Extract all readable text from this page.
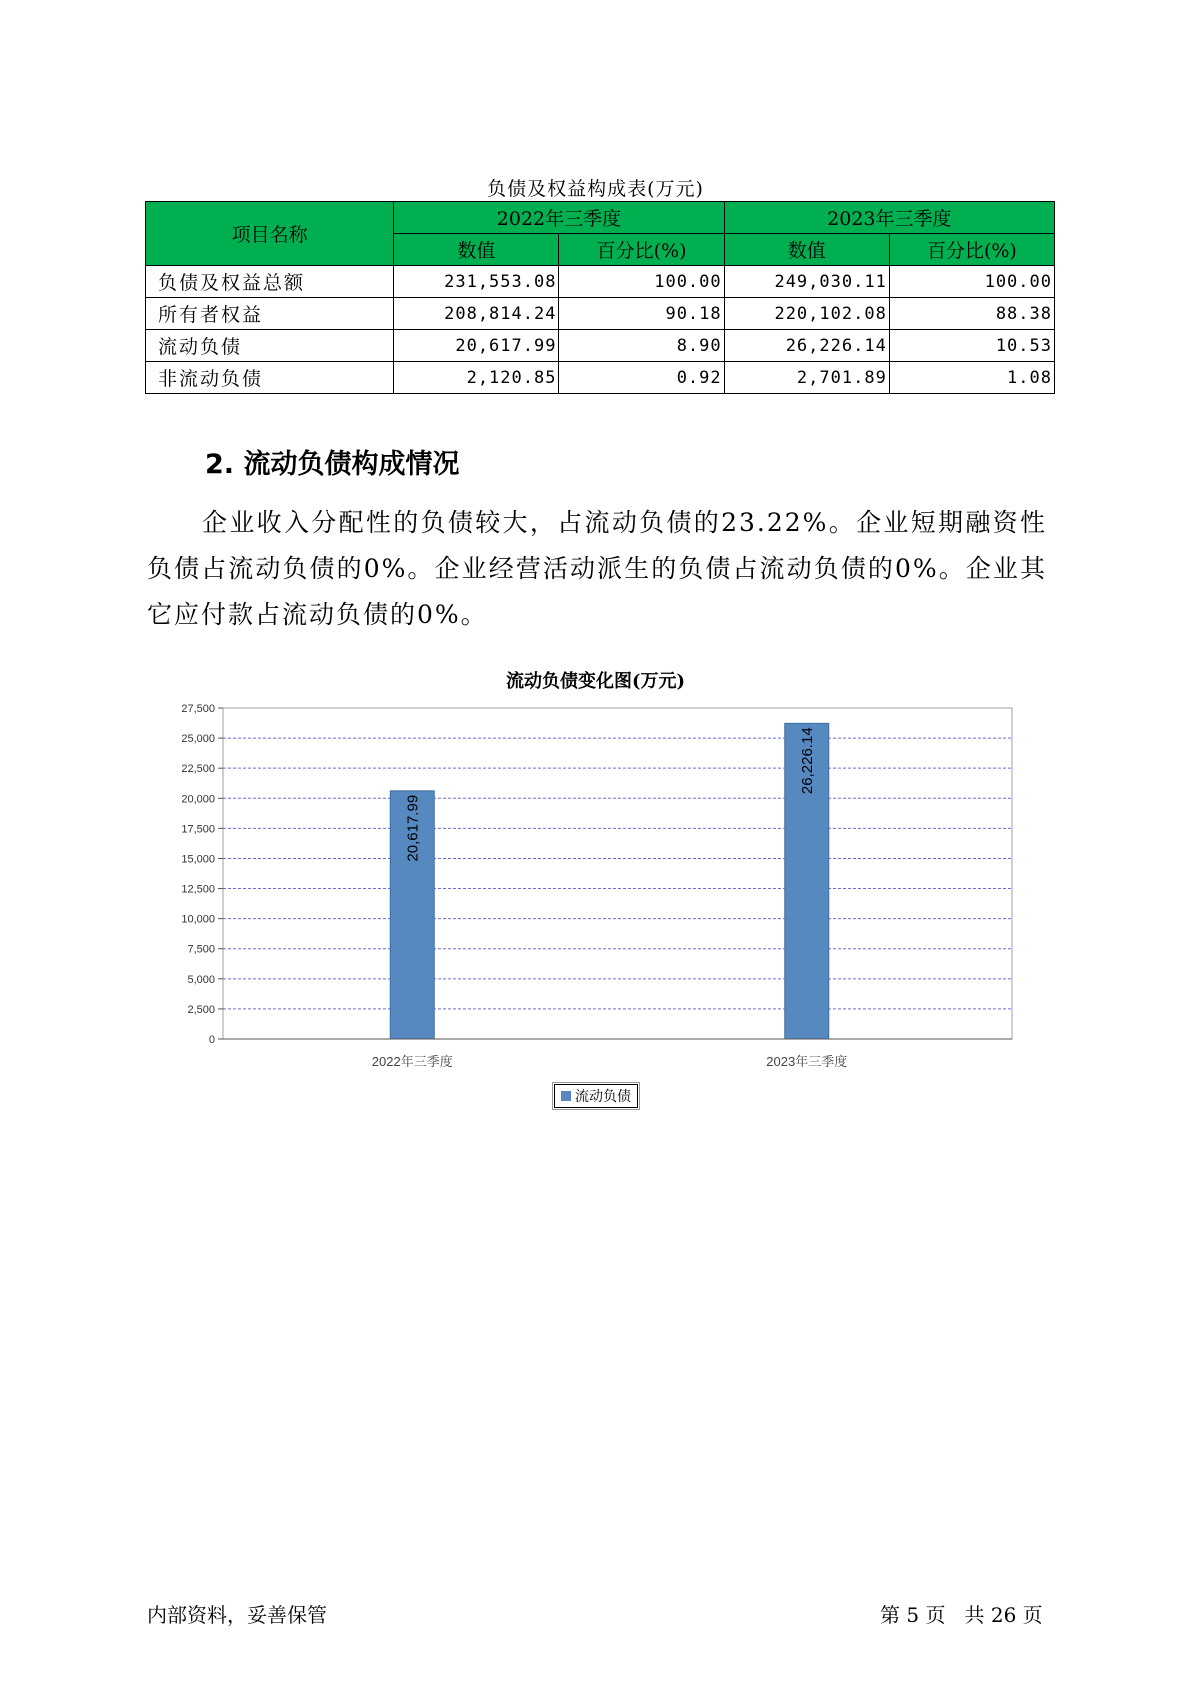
负债及权益构成表(万元)
项目名称	2022年三季度		2023年三季度	
	数值	百分比(%)	数值	百分比(%)
负债及权益总额	231,553.08	100.00	249,030.11	100.00
所有者权益	208,814.24	90.18	220,102.08	88.38
流动负债	20,617.99	8.90	26,226.14	10.53
非流动负债	2,120.85	0.92	2,701.89	1.08
2. 流动负债构成情况

企业收入分配性的负债较大，占流动负债的23.22%。企业短期融资性负债占流动负债的0%。企业经营活动派生的负债占流动负债的0%。企业其它应付款占流动负债的0%。

流动负债变化图(万元)
0
2,500
5,000
7,500
10,000
12,500
15,000
17,500
20,000
22,500
25,000
27,500
20,617.99
2022年三季度
26,226.14
2023年三季度
流动负债
内部资料，妥善保管	第 5 页   共 26 页
